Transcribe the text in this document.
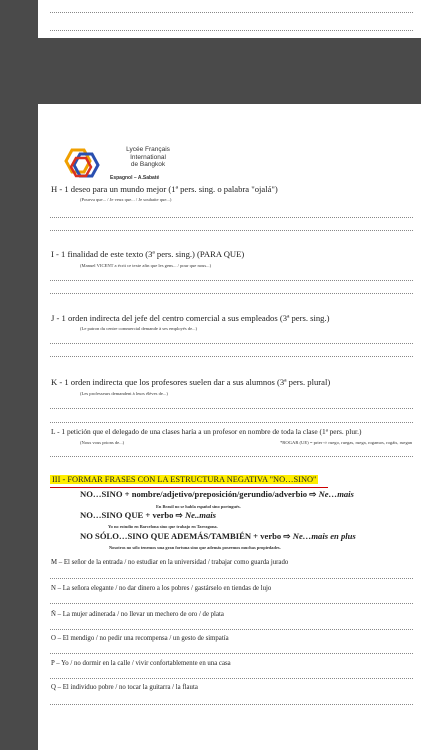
Lycée Français
International
de Bangkok
Espagnol – A.Sabaté
H - 1 deseo para un mundo mejor (1ª pers. sing. o palabra "ojalá")
(Pourvu que... / Je veux que... / Je souhaite que...)
I - 1 finalidad de este texto (3ª pers. sing.) (PARA QUE)
(Manuel VICENT a écrit ce texte afin que les gens... / pour que nous...)
J - 1 orden indirecta del jefe del centro comercial a sus empleados (3ª pers. sing.)
(Le patron du centre commercial demande à ses employés de...)
K - 1 orden indirecta que los profesores suelen dar a sus alumnos (3ª pers. plural)
(Les professeurs demandent à leurs élèves de...)
L - 1 petición que el delegado de una clases haría a un profesor en nombre de toda la clase (1ª pers. plur.)
(Nous vous prions de...)	*ROGAR (UE) = prier ⇨ ruego, ruegas, ruega, rogamos, rogáis, ruegan
III - FORMAR FRASES CON LA ESTRUCTURA NEGATIVA "NO…SINO"
NO…SINO + nombre/adjetivo/preposición/gerundio/adverbio ⇨ Ne…mais
En Brasil no se habla español sino portugués.
NO…SINO QUE + verbo ⇨ Ne..mais
Yo no estudio en Barcelona sino que trabajo en Tarragona.
NO SÓLO…SINO QUE ADEMÁS/TAMBIÉN + verbo ⇨ Ne…mais en plus
Nosotros no sólo tenemos una gran fortuna sino que además poseemos muchas propiedades.
M – El señor de la entrada / no estudiar en la universidad / trabajar como guarda jurado
N – La señora elegante / no dar dinero a los pobres / gastárselo en tiendas de lujo
Ñ – La mujer adinerada / no llevar un mechero de oro / de plata
O – El mendigo / no pedir una recompensa / un gesto de simpatía
P – Yo / no dormir en la calle / vivir confortablemente en una casa
Q – El individuo pobre / no tocar la guitarra / la flauta
